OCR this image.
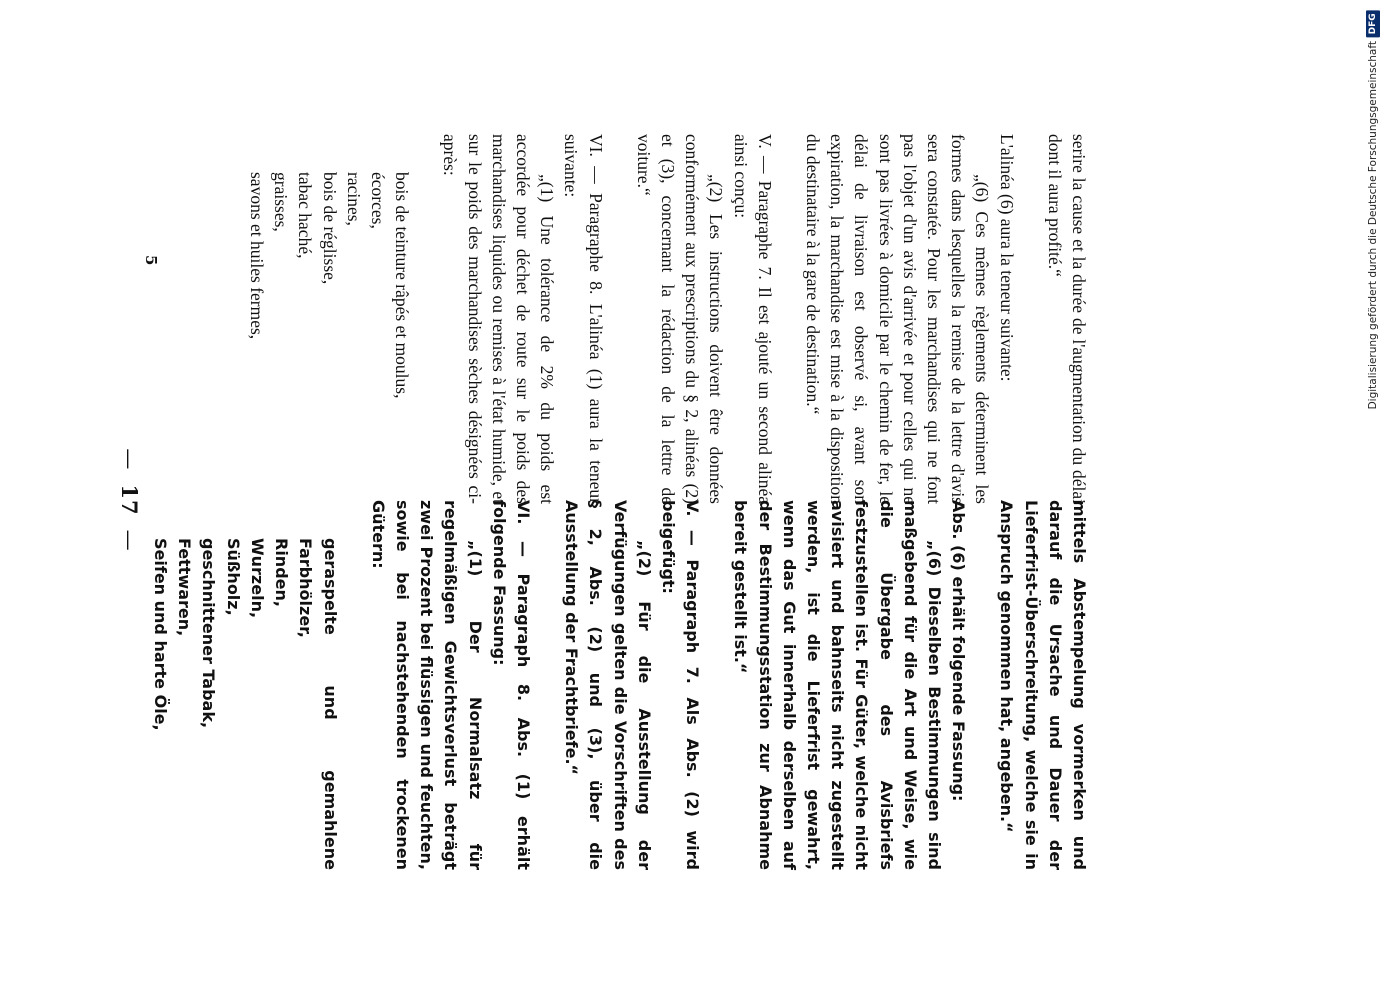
—17—	mittels Abstempelung vormerken und darauf die Ursache und Dauer der Lieferfrist-Überschreitung, welche sie in Anspruch genommen hat, angeben.“

Abs. (6) erhält folgende Fassung:

„(6) Dieselben Bestimmungen sind maßgebend für die Art und Weise, wie die Übergabe des Avisbriefs festzustellen ist. Für Güter, welche nicht avisiert und bahnseits nicht zugestellt werden, ist die Lieferfrist gewahrt, wenn das Gut innerhalb derselben auf der Bestimmungsstation zur Abnahme bereit gestellt ist.“

V. — Paragraph 7. Als Abs. (2) wird beigefügt:

„(2) Für die Ausstellung der Verfügungen gelten die Vorschriften des § 2, Abs. (2) und (3), über die Ausstellung der Frachtbriefe.“

VI. — Paragraph 8. Abs. (1) erhält folgende Fassung:

„(1) Der Normalsatz für regelmäßigen Gewichtsverlust beträgt zwei Prozent bei flüssigen und feuchten, sowie bei nachstehenden trockenen Gütern:

geraspelte und gemahlene Farbhölzer,
Rinden,
Wurzeln,
Süßholz,
geschnittener Tabak,
Fettwaren,
Seifen und harte Öle,

serire la cause et la durée de l'augmentation du délai dont il aura profité.“

L'alinéa (6) aura la teneur suivante:

„(6) Ces mêmes règlements déterminent les formes dans lesquelles la remise de la lettre d'avis sera constatée. Pour les marchandises qui ne font pas l'objet d'un avis d'arrivée et pour celles qui ne sont pas livrées à domicile par le chemin de fer, le délai de livraison est observé si, avant son expiration, la marchandise est mise à la disposition du destinataire à la gare de destination.“

V. — Paragraphe 7. Il est ajouté un second alinéa ainsi conçu:

„(2) Les instructions doivent être données conformément aux prescriptions du § 2, alinéas (2) et (3), concernant la rédaction de la lettre de voiture.“

VI. — Paragraphe 8. L'alinéa (1) aura la teneur suivante:

„(1) Une tolérance de 2% du poids est accordée pour déchet de route sur le poids des marchandises liquides ou remises à l'état humide, et sur le poids des marchandises sèches désignées ci-après:

bois de teinture râpés et moulus,
écorces,
racines,
bois de réglisse,
tabac haché,
graisses,
savons et huiles fermes,
5	Digitalisierung gefördert durch die Deutsche Forschungsgemeinschaft
DFG
